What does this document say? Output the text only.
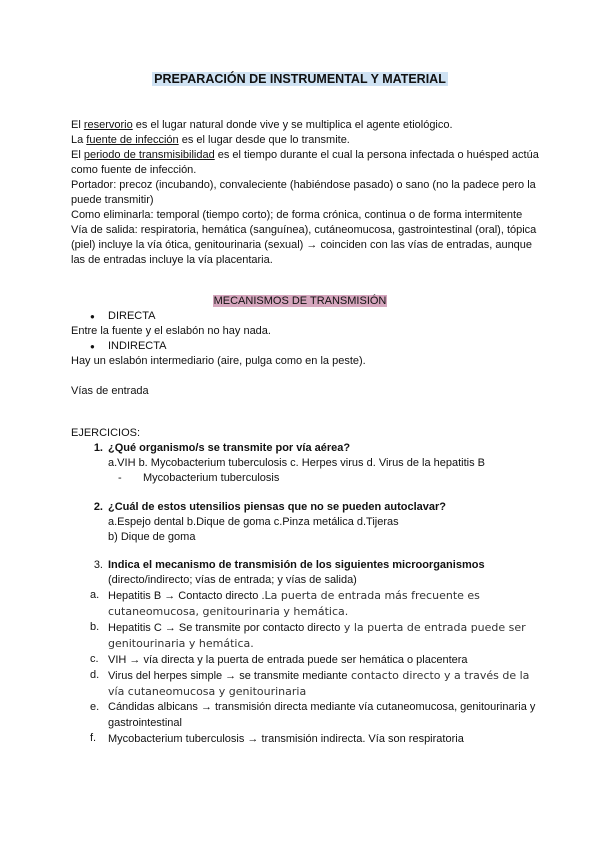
PREPARACIÓN DE INSTRUMENTAL Y MATERIAL

El reservorio es el lugar natural donde vive y se multiplica el agente etiológico.

La fuente de infección es el lugar desde que lo transmite.

El periodo de transmisibilidad es el tiempo durante el cual la persona infectada o huésped actúa como fuente de infección.

Portador: precoz (incubando), convaleciente (habiéndose pasado) o sano (no la padece pero la puede transmitir)

Como eliminarla: temporal (tiempo corto); de forma crónica, continua o de forma intermitente

Vía de salida: respiratoria, hemática (sanguínea), cutáneomucosa, gastrointestinal (oral), tópica (piel) incluye la vía ótica, genitourinaria (sexual) → coinciden con las vías de entradas, aunque las de entradas incluye la vía placentaria.

MECANISMOS DE TRANSMISIÓN

● DIRECTA

Entre la fuente y el eslabón no hay nada.

● INDIRECTA

Hay un eslabón intermediario (aire, pulga como en la peste).

Vías de entrada
EJERCICIOS:

1. ¿Qué organismo/s se transmite por vía aérea?

a.VIH b. Mycobacterium tuberculosis c. Herpes virus d. Virus de la hepatitis B

- Mycobacterium tuberculosis

2. ¿Cuál de estos utensilios piensas que no se pueden autoclavar?

a.Espejo dental b.Dique de goma c.Pinza metálica d.Tijeras

b) Dique de goma

3. Indica el mecanismo de transmisión de los siguientes microorganismos

(directo/indirecto; vías de entrada; y vías de salida)

a. Hepatitis B → Contacto directo .La puerta de entrada más frecuente es cutaneomucosa, genitourinaria y hemática.

b. Hepatitis C → Se transmite por contacto directo y la puerta de entrada puede ser genitourinaria y hemática.

c. VIH → vía directa y la puerta de entrada puede ser hemática o placentera

d. Virus del herpes simple → se transmite mediante contacto directo y a través de la vía cutaneomucosa y genitourinaria

e. Cándidas albicans → transmisión directa mediante vía cutaneomucosa, genitourinaria y gastrointestinal

f. Mycobacterium tuberculosis → transmisión indirecta. Vía son respiratoria
